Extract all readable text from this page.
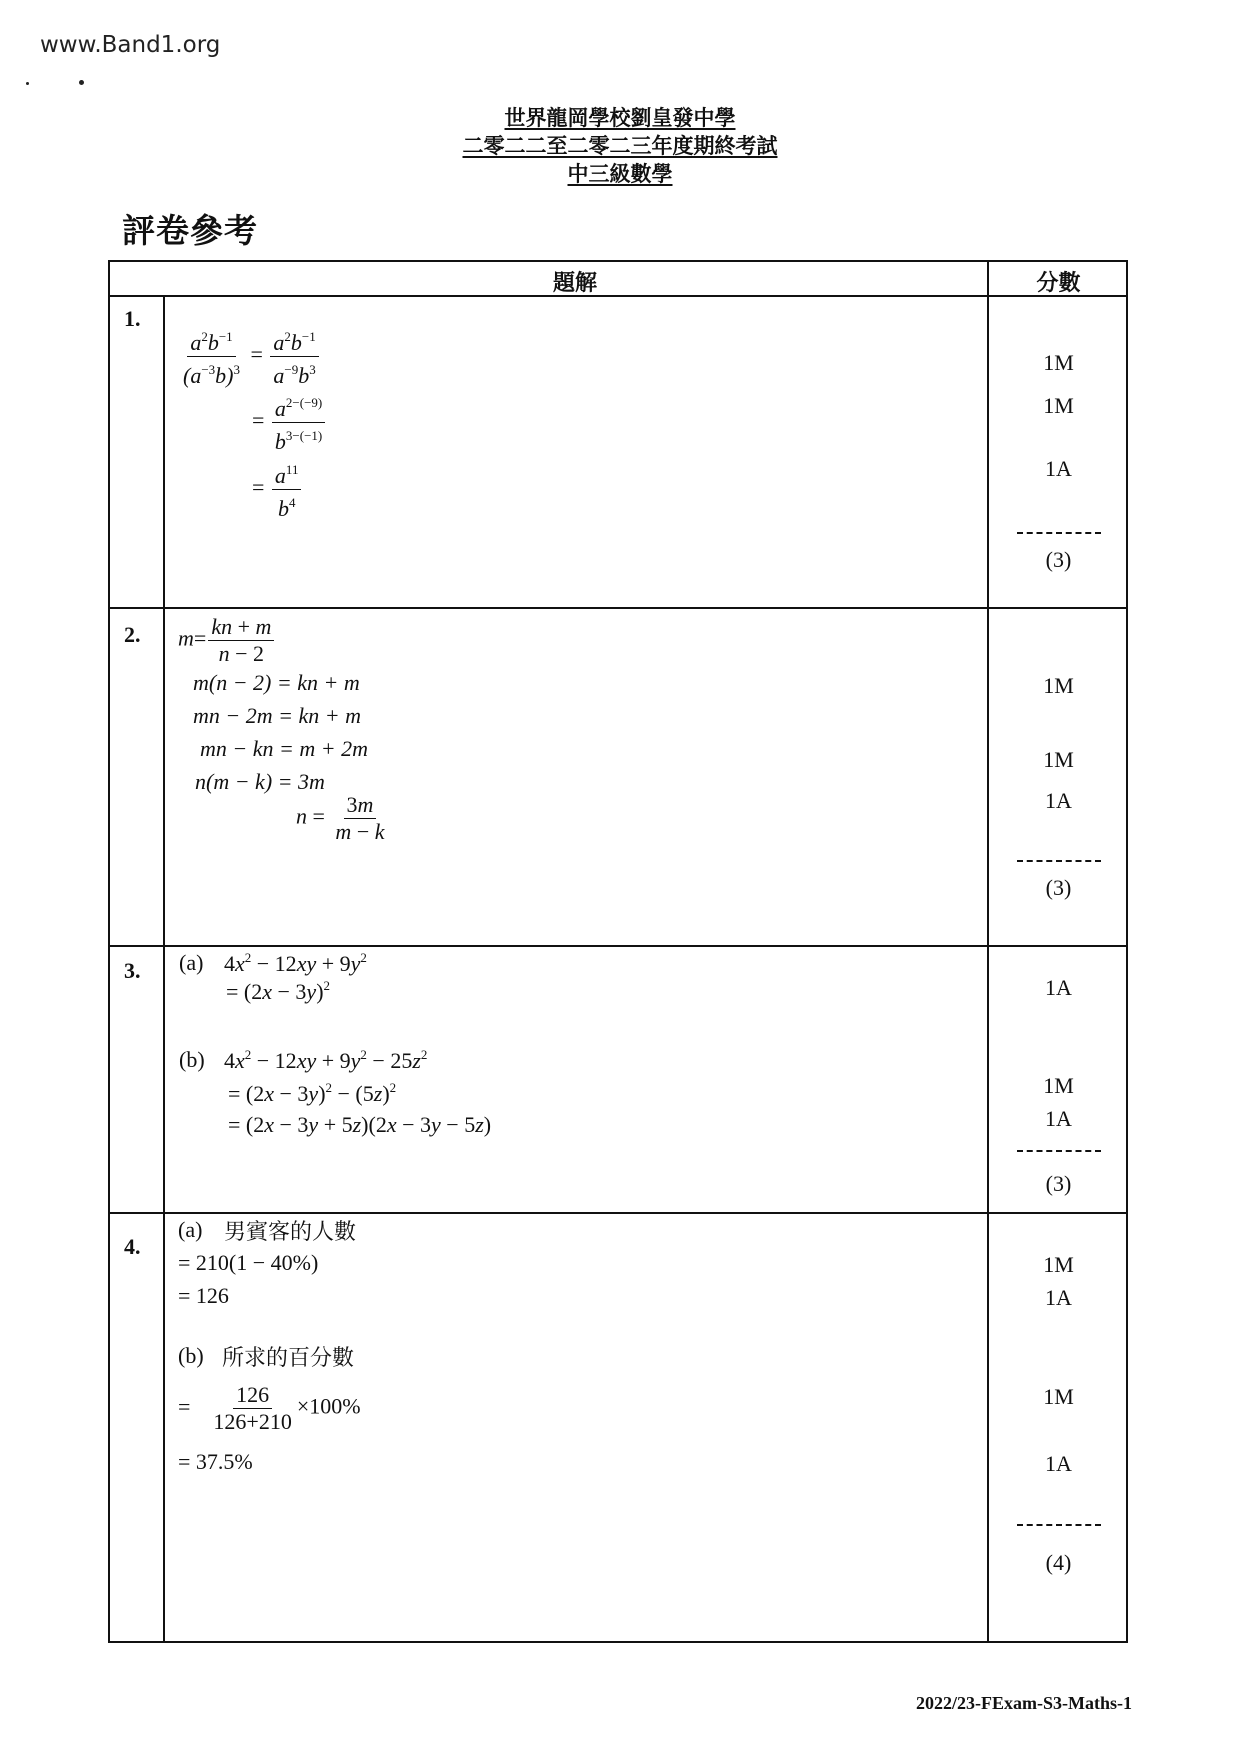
www.Band1.org
世界龍岡學校劉皇發中學
二零二二至二零二三年度期終考試
中三級數學
評卷參考
題解	分數
1.
$\frac{a^2b^{-1}}{(a^{-3}b)^3} = \frac{a^2b^{-1}}{a^{-9}b^3}$
= $\frac{a^{2-(-9)}}{b^{3-(-1)}}$
= $\frac{a^{11}}{b^4}$
1M
1M
1A
(3)
2. $m= \frac{kn + m}{n - 2}$
m(n − 2) = kn + m
mn − 2m = kn + m
mn − kn = m + 2m
n(m − k) = 3m
$n = \frac{3m}{m - k}$
1M
1M
1A
(3)
3. (a) $4x^2 - 12xy + 9y^2$
= $(2x - 3y)^2$
(b) $4x^2 - 12xy + 9y^2 - 25z^2$
= $(2x - 3y)^2 - (5z)^2$
= (2x − 3y + 5z)(2x − 3y − 5z)
1A
1M
1A
(3)
4.
(a) 男賓客的人數
= 210(1 − 40%)
= 126
(b) 所求的百分數
= $\frac{126}{126+210} \times 100\%$
= 37.5%
1M
1A
1M
1A
(4)
2022/23-FExam-S3-Maths-1
